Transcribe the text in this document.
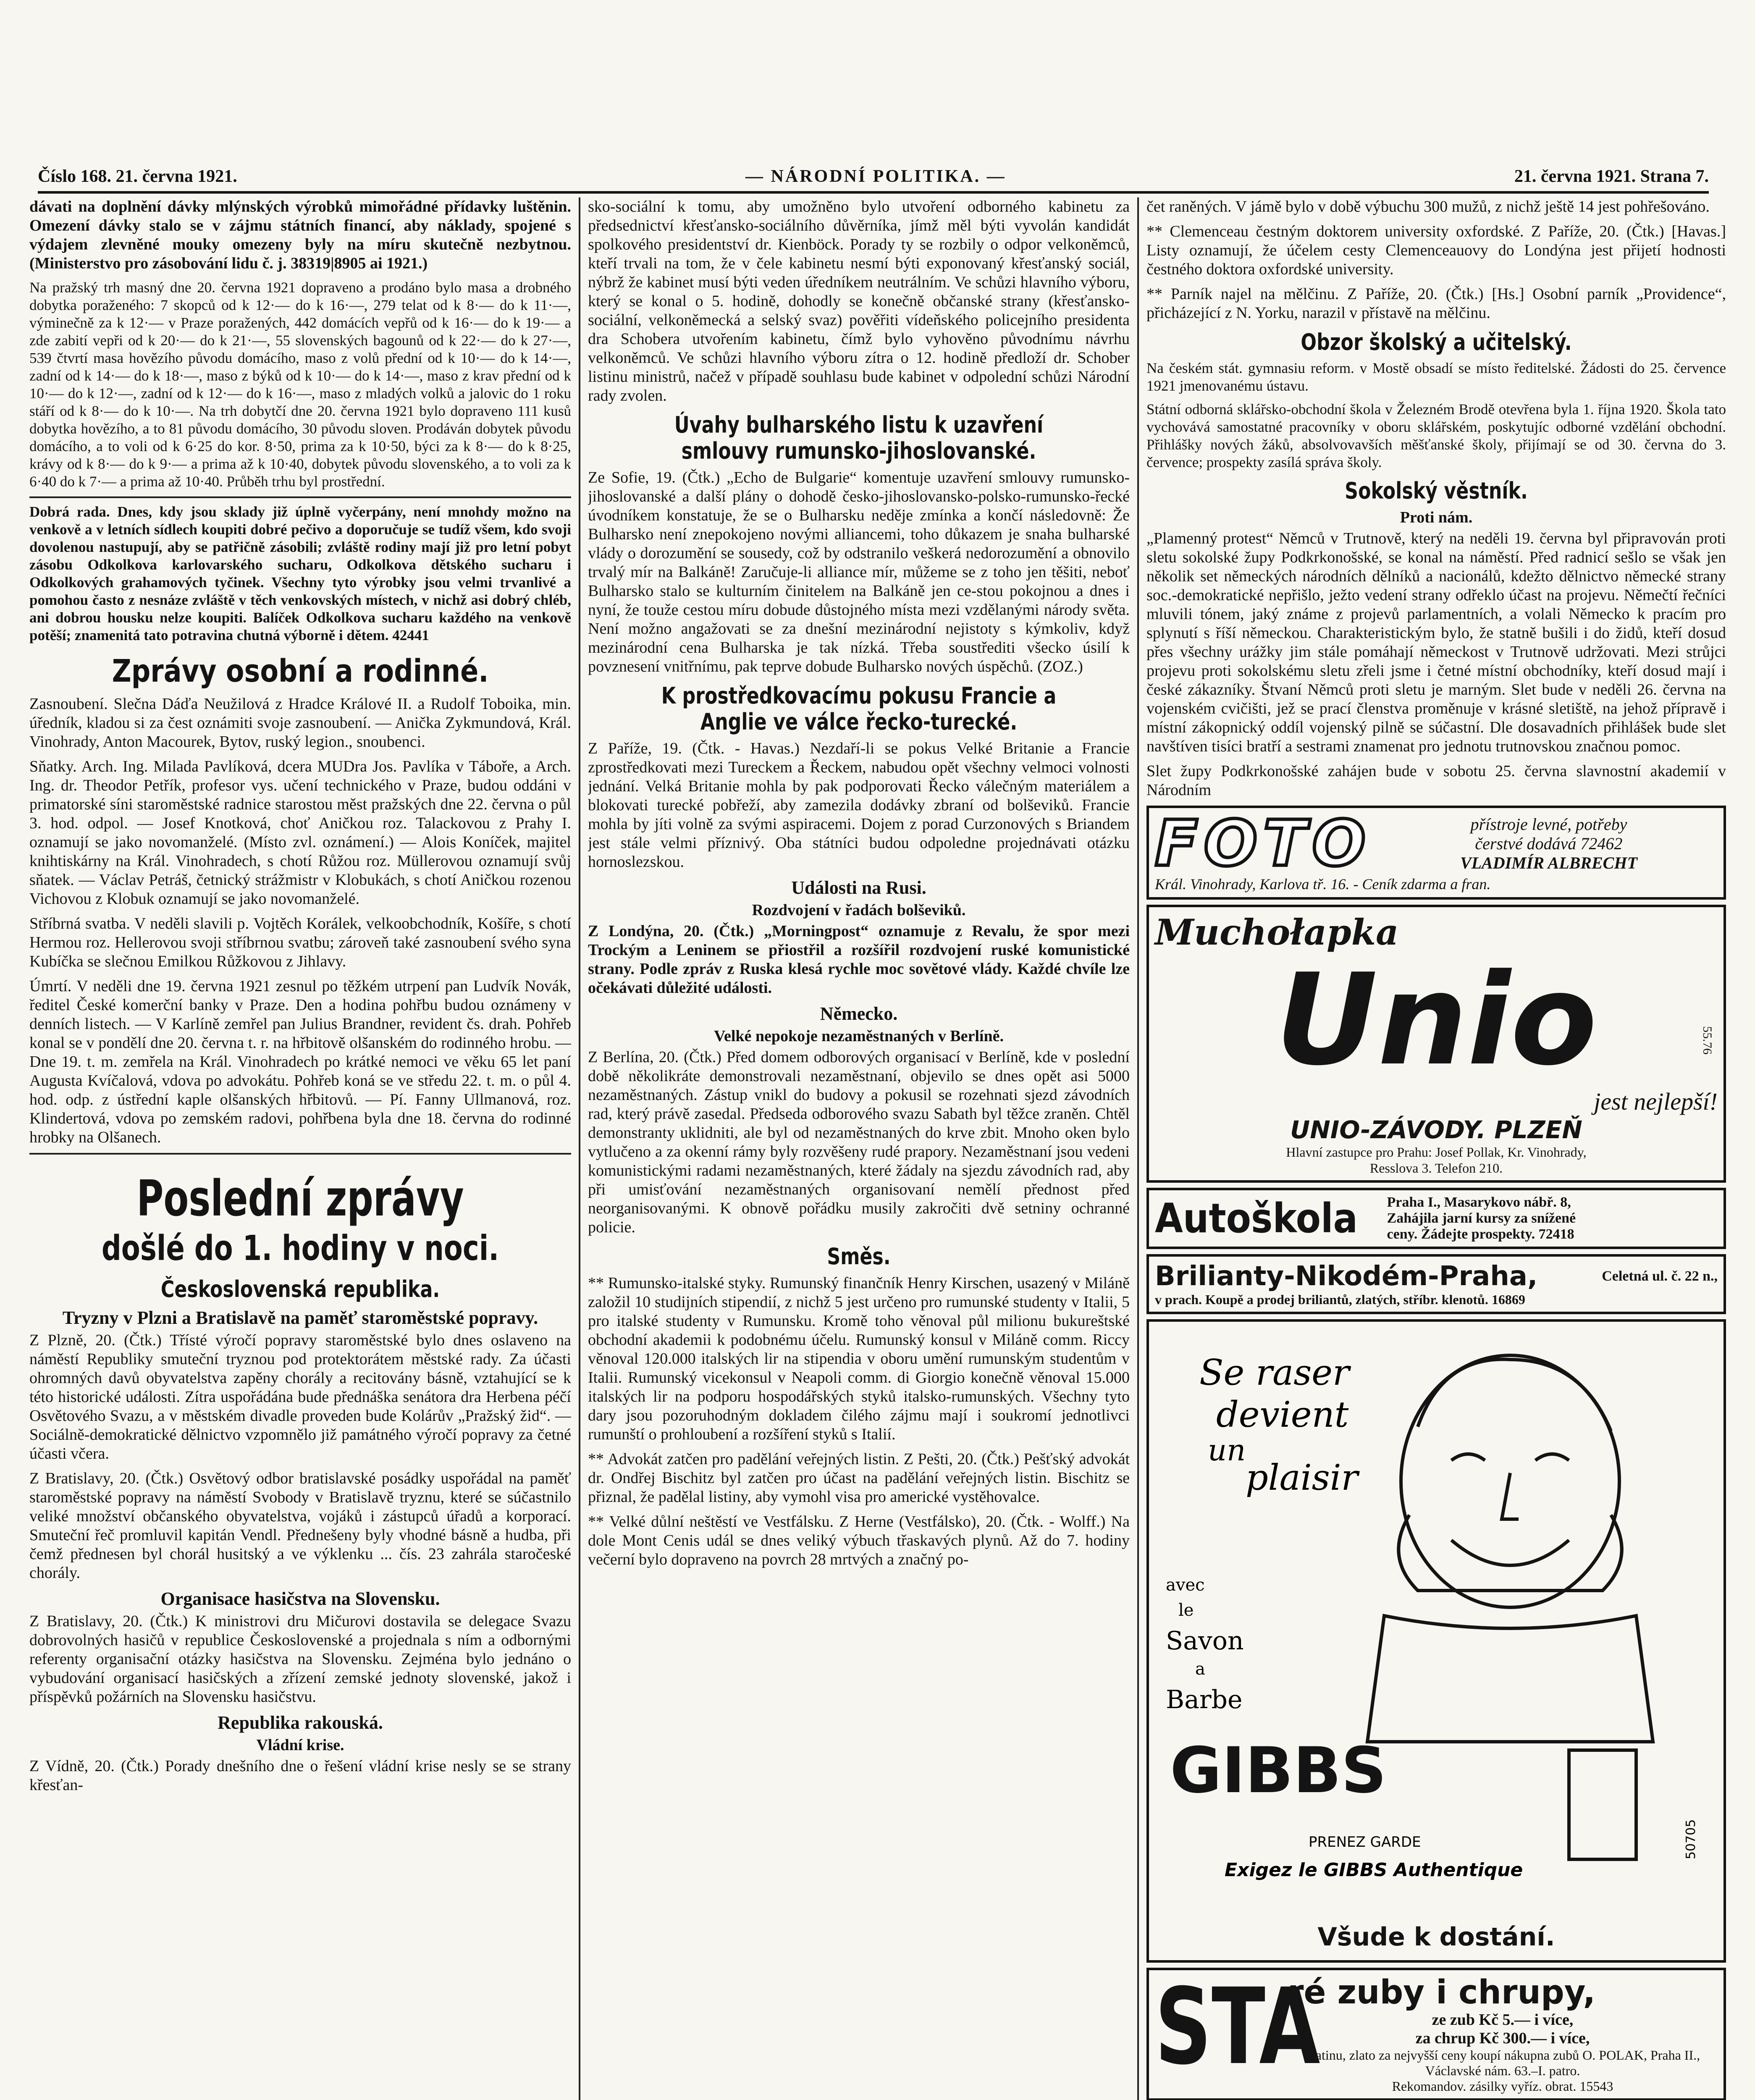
Číslo 168. 21. června 1921.	— NÁRODNÍ POLITIKA. —	21. června 1921. Strana 7.

dávati na doplnění dávky mlýnských výrobků mimořádné přídavky luštěnin. Omezení dávky stalo se v zájmu státních financí, aby náklady, spojené s výdajem zlevněné mouky omezeny byly na míru skutečně nezbytnou. (Ministerstvo pro zásobování lidu č. j. 38319|8905 ai 1921.)

Na pražský trh masný dne 20. června 1921 dopraveno a prodáno bylo masa a drobného dobytka poraženého: 7 skopců od k 12·— do k 16·—, 279 telat od k 8·— do k 11·—, výminečně za k 12·— v Praze poražených, 442 domácích vepřů od k 16·— do k 19·— a zde zabití vepři od k 20·— do k 21·—, 55 slovenských bagounů od k 22·— do k 27·—, 539 čtvrtí masa hovězího původu domácího, maso z volů přední od k 10·— do k 14·—, zadní od k 14·— do k 18·—, maso z býků od k 10·— do k 14·—, maso z krav přední od k 10·— do k 12·—, zadní od k 12·— do k 16·—, maso z mladých volků a jalovic do 1 roku stáří od k 8·— do k 10·—. Na trh dobytčí dne 20. června 1921 bylo dopraveno 111 kusů dobytka hovězího, a to 81 původu domácího, 30 původu sloven. Prodáván dobytek původu domácího, a to voli od k 6·25 do kor. 8·50, prima za k 10·50, býci za k 8·— do k 8·25, krávy od k 8·— do k 9·— a prima až k 10·40, dobytek původu slovenského, a to voli za k 6·40 do k 7·— a prima až 10·40. Průběh trhu byl prostřední.

Dobrá rada. Dnes, kdy jsou sklady již úplně vyčerpány, není mnohdy možno na venkově a v letních sídlech koupiti dobré pečivo a doporučuje se tudíž všem, kdo svoji dovolenou nastupují, aby se patřičně zásobili; zvláště rodiny mají již pro letní pobyt zásobu Odkolkova karlovarského sucharu, Odkolkova dětského sucharu i Odkolkových grahamových tyčinek. Všechny tyto výrobky jsou velmi trvanlivé a pomohou často z nesnáze zvláště v těch venkovských místech, v nichž asi dobrý chléb, ani dobrou housku nelze koupiti. Balíček Odkolkova sucharu každého na venkově potěší; znamenitá tato potravina chutná výborně i dětem. 42441

Zprávy osobní a rodinné.

Zasnoubení. Slečna Dáďa Neužilová z Hradce Králové II. a Rudolf Toboika, min. úředník, kladou si za čest oznámiti svoje zasnoubení. — Anička Zykmundová, Král. Vinohrady, Anton Macourek, Bytov, ruský legion., snoubenci.

Sňatky. Arch. Ing. Milada Pavlíková, dcera MUDra Jos. Pavlíka v Táboře, a Arch. Ing. dr. Theodor Petřík, profesor vys. učení technického v Praze, budou oddáni v primatorské síni staroměstské radnice starostou měst pražských dne 22. června o půl 3. hod. odpol. — Josef Knotková, choť Aničkou roz. Talackovou z Prahy I. oznamují se jako novomanželé. (Místo zvl. oznámení.) — Alois Koníček, majitel knihtiskárny na Král. Vinohradech, s chotí Růžou roz. Müllerovou oznamují svůj sňatek. — Václav Petráš, četnický strážmistr v Klobukách, s chotí Aničkou rozenou Vichovou z Klobuk oznamují se jako novomanželé.

Stříbrná svatba. V neděli slavili p. Vojtěch Korálek, velkoobchodník, Košíře, s chotí Hermou roz. Hellerovou svoji stříbrnou svatbu; zároveň také zasnoubení svého syna Kubíčka se slečnou Emilkou Růžkovou z Jihlavy.

Úmrtí. V neděli dne 19. června 1921 zesnul po těžkém utrpení pan Ludvík Novák, ředitel České komerční banky v Praze. Den a hodina pohřbu budou oznámeny v denních listech. — V Karlíně zemřel pan Julius Brandner, revident čs. drah. Pohřeb konal se v pondělí dne 20. června t. r. na hřbitově olšanském do rodinného hrobu. — Dne 19. t. m. zemřela na Král. Vinohradech po krátké nemoci ve věku 65 let paní Augusta Kvíčalová, vdova po advokátu. Pohřeb koná se ve středu 22. t. m. o půl 4. hod. odp. z ústřední kaple olšanských hřbitovů. — Pí. Fanny Ullmanová, roz. Klindertová, vdova po zemském radovi, pohřbena byla dne 18. června do rodinné hrobky na Olšanech.

Poslední zprávy
došlé do 1. hodiny v noci.
Československá republika.
Tryzny v Plzni a Bratislavě na paměť staroměstské popravy.

Z Plzně, 20. (Čtk.) Třísté výročí popravy staroměstské bylo dnes oslaveno na náměstí Republiky smuteční tryznou pod protektorátem městské rady. Za účasti ohromných davů obyvatelstva zapěny chorály a recitovány básně, vztahující se k této historické události. Zítra uspořádána bude přednáška senátora dra Herbena péčí Osvětového Svazu, a v městském divadle proveden bude Kolárův „Pražský žid“. — Sociálně-demokratické dělnictvo vzpomnělo již památného výročí popravy za četné účasti včera.

Z Bratislavy, 20. (Čtk.) Osvětový odbor bratislavské posádky uspořádal na paměť staroměstské popravy na náměstí Svobody v Bratislavě tryznu, které se súčastnilo veliké množství občanského obyvatelstva, vojáků i zástupců úřadů a korporací. Smuteční řeč promluvil kapitán Vendl. Přednešeny byly vhodné básně a hudba, při čemž přednesen byl chorál husitský a ve výklenku ... čís. 23 zahrála staročeské chorály.

Organisace hasičstva na Slovensku.

Z Bratislavy, 20. (Čtk.) K ministrovi dru Mičurovi dostavila se delegace Svazu dobrovolných hasičů v republice Československé a projednala s ním a odbornými referenty organisační otázky hasičstva na Slovensku. Zejména bylo jednáno o vybudování organisací hasičských a zřízení zemské jednoty slovenské, jakož i příspěvků požárních na Slovensku hasičstvu.

Republika rakouská.
Vládní krise.

Z Vídně, 20. (Čtk.) Porady dnešního dne o řešení vládní krise nesly se se strany křesťan-

sko-sociální k tomu, aby umožněno bylo utvoření odborného kabinetu za předsednictví křesťansko-sociálního důvěrníka, jímž měl býti vyvolán kandidát spolkového presidentství dr. Kienböck. Porady ty se rozbily o odpor velkoněmců, kteří trvali na tom, že v čele kabinetu nesmí býti exponovaný křesťanský sociál, nýbrž že kabinet musí býti veden úředníkem neutrálním. Ve schůzi hlavního výboru, který se konal o 5. hodině, dohodly se konečně občanské strany (křesťansko-sociální, velkoněmecká a selský svaz) pověřiti vídeňského policejního presidenta dra Schobera utvořením kabinetu, čímž bylo vyhověno původnímu návrhu velkoněmců. Ve schůzi hlavního výboru zítra o 12. hodině předloží dr. Schober listinu ministrů, načež v případě souhlasu bude kabinet v odpolední schůzi Národní rady zvolen.

Úvahy bulharského listu k uzavření smlouvy rumunsko-jihoslovanské.

Ze Sofie, 19. (Čtk.) „Echo de Bulgarie“ komentuje uzavření smlouvy rumunsko-jihoslovanské a další plány o dohodě česko-jihoslovansko-polsko-rumunsko-řecké úvodníkem konstatuje, že se o Bulharsku neděje zmínka a končí následovně: Že Bulharsko není znepokojeno novými alliancemi, toho důkazem je snaha bulharské vlády o dorozumění se sousedy, což by odstranilo veškerá nedorozumění a obnovilo trvalý mír na Balkáně! Zaručuje-li alliance mír, můžeme se z toho jen těšiti, neboť Bulharsko stalo se kulturním činitelem na Balkáně jen ce-stou pokojnou a dnes i nyní, že touže cestou míru dobude důstojného místa mezi vzdělanými národy světa. Není možno angažovati se za dnešní mezinárodní nejistoty s kýmkoliv, když mezinárodní cena Bulharska je tak nízká. Třeba soustřediti všecko úsilí k povznesení vnitřnímu, pak teprve dobude Bulharsko nových úspěchů. (ZOZ.)

K prostředkovacímu pokusu Francie a Anglie ve válce řecko-turecké.

Z Paříže, 19. (Čtk. - Havas.) Nezdaří-li se pokus Velké Britanie a Francie zprostředkovati mezi Tureckem a Řeckem, nabudou opět všechny velmoci volnosti jednání. Velká Britanie mohla by pak podporovati Řecko válečným materiálem a blokovati turecké pobřeží, aby zamezila dodávky zbraní od bolševiků. Francie mohla by jíti volně za svými aspiracemi. Dojem z porad Curzonových s Briandem jest stále velmi příznivý. Oba státníci budou odpoledne projednávati otázku hornoslezskou.

Události na Rusi.
Rozdvojení v řadách bolševiků.

Z Londýna, 20. (Čtk.) „Morningpost“ oznamuje z Revalu, že spor mezi Trockým a Leninem se přiostřil a rozšířil rozdvojení ruské komunistické strany. Podle zpráv z Ruska klesá rychle moc sovětové vlády. Každé chvíle lze očekávati důležité události.

Německo.
Velké nepokoje nezaměstnaných v Berlíně.

Z Berlína, 20. (Čtk.) Před domem odborových organisací v Berlíně, kde v poslední době několikráte demonstrovali nezaměstnaní, objevilo se dnes opět asi 5000 nezaměstnaných. Zástup vnikl do budovy a pokusil se rozehnati sjezd závodních rad, který právě zasedal. Předseda odborového svazu Sabath byl těžce zraněn. Chtěl demonstranty uklidniti, ale byl od nezaměstnaných do krve zbit. Mnoho oken bylo vytlučeno a za okenní rámy byly rozvěšeny rudé prapory. Nezaměstnaní jsou vedeni komunistickými radami nezaměstnaných, které žádaly na sjezdu závodních rad, aby při umisťování nezaměstnaných organisovaní nemělí přednost před neorganisovanými. K obnově pořádku musily zakročiti dvě setniny ochranné policie.

Směs.

** Rumunsko-italské styky. Rumunský finančník Henry Kirschen, usazený v Miláně založil 10 studijních stipendií, z nichž 5 jest určeno pro rumunské studenty v Italii, 5 pro italské studenty v Rumunsku. Kromě toho věnoval půl milionu bukureštské obchodní akademii k podobnému účelu. Rumunský konsul v Miláně comm. Riccy věnoval 120.000 italských lir na stipendia v oboru umění rumunským studentům v Italii. Rumunský vicekonsul v Neapoli comm. di Giorgio konečně věnoval 15.000 italských lir na podporu hospodářských styků italsko-rumunských. Všechny tyto dary jsou pozoruhodným dokladem čilého zájmu mají i soukromí jednotlivci rumunští o prohloubení a rozšíření styků s Italií.

** Advokát zatčen pro padělání veřejných listin. Z Pešti, 20. (Čtk.) Pešťský advokát dr. Ondřej Bischitz byl zatčen pro účast na padělání veřejných listin. Bischitz se přiznal, že padělal listiny, aby vymohl visa pro americké vystěhovalce.

** Velké důlní neštěstí ve Vestfálsku. Z Herne (Vestfálsko), 20. (Čtk. - Wolff.) Na dole Mont Cenis udál se dnes veliký výbuch třaskavých plynů. Až do 7. hodiny večerní bylo dopraveno na povrch 28 mrtvých a značný po-

čet raněných. V jámě bylo v době výbuchu 300 mužů, z nichž ještě 14 jest pohřešováno.

** Clemenceau čestným doktorem university oxfordské. Z Paříže, 20. (Čtk.) [Havas.] Listy oznamují, že účelem cesty Clemenceauovy do Londýna jest přijetí hodnosti čestného doktora oxfordské university.

** Parník najel na mělčinu. Z Paříže, 20. (Čtk.) [Hs.] Osobní parník „Providence“, přicházející z N. Yorku, narazil v přístavě na mělčinu.

Obzor školský a učitelský.

Na českém stát. gymnasiu reform. v Mostě obsadí se místo ředitelské. Žádosti do 25. července 1921 jmenovanému ústavu.

Státní odborná sklářsko-obchodní škola v Železném Brodě otevřena byla 1. října 1920. Škola tato vychovává samostatné pracovníky v oboru sklářském, poskytujíc odborné vzdělání obchodní. Přihlášky nových žáků, absolvovavších měšťanské školy, přijímají se od 30. června do 3. července; prospekty zasílá správa školy.

Sokolský věstník.
Proti nám.

„Plamenný protest“ Němců v Trutnově, který na neděli 19. června byl připravován proti sletu sokolské župy Podkrkonošské, se konal na náměstí. Před radnicí sešlo se však jen několik set německých národních dělníků a nacionálů, kdežto dělnictvo německé strany soc.-demokratické nepřišlo, ježto vedení strany odřeklo účast na projevu. Němečtí řečníci mluvili tónem, jaký známe z projevů parlamentních, a volali Německo k pracím pro splynutí s říší německou. Charakteristickým bylo, že statně bušili i do židů, kteří dosud přes všechny urážky jim stále pomáhají německost v Trutnově udržovati. Mezi strůjci projevu proti sokolskému sletu zřeli jsme i četné místní obchodníky, kteří dosud mají i české zákazníky. Štvaní Němců proti sletu je marným. Slet bude v neděli 26. června na vojenském cvičišti, jež se prací členstva proměnuje v krásné sletiště, na jehož přípravě i místní zákopnický oddíl vojenský pilně se súčastní. Dle dosavadních přihlášek bude slet navštíven tisíci bratří a sestrami znamenat pro jednotu trutnovskou značnou pomoc.

Slet župy Podkrkonošské zahájen bude v sobotu 25. června slavnostní akademií v Národním

FOTO	přístroje levné, potřeby
čerstvé dodává 72462
VLADIMÍR ALBRECHT
Král. Vinohrady, Karlova tř. 16. - Ceník zdarma a fran.
Muchołapka
Unio
jest nejlepší!
UNIO-ZÁVODY. PLZEŇ
55.76
Hlavní zastupce pro Prahu: Josef Pollak, Kr. Vinohrady,
Resslova 3. Telefon 210.
Autoškola Praha I., Masarykovo nábř. 8,
Zahájila jarní kursy za snížené
ceny. Žádejte prospekty. 72418
Brilianty-Nikodém-Praha,	Celetná ul. č. 22 n.,
v prach. Koupě a prodej briliantů, zlatých, stříbr. klenotů. 16869
Se raser
devient
un
plaisir
avec
le
Savon
a
Barbe
GIBBS
PRENEZ GARDE
Exigez le GIBBS Authentique
50705
Všude k dostání.
STA
ré zuby i chrupy,
ze zub Kč 5.— i více,
za chrup Kč 300.— i více,
platinu, zlato za nejvyšší ceny koupí nákupna zubů O. POLAK, Praha II.,
Václavské nám. 63.–I. patro.
Rekomandov. zásilky vyříz. obrat. 15543
